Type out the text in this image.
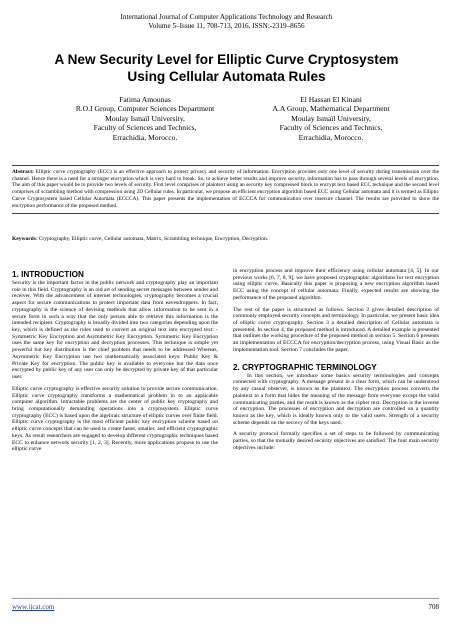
International Journal of Computer Applications Technology and Research
Volume 5–Issue 11, 708-713, 2016, ISSN:-2319–8656
A New Security Level for Elliptic Curve Cryptosystem
Using Cellular Automata Rules
Fatima Amounas
R.O.I Group, Computer Sciences Department
Moulay Ismaïl University,
Faculty of Sciences and Technics,
Errachidia, Morocco.
El Hassan El Kinani
A.A Group, Mathematical Department
Moulay Ismaïl University,
Faculty of Sciences and Technics,
Errachidia, Morocco.
Abstract: Elliptic curve cryptography (ECC) is an effective approach to protect privacy and security of information. Encryption provides only one level of security during transmission over the channel. Hence there is a need for a stronger encryption which is very hard to break. So, to achieve better results and improve security, information has to pass through several levels of encryption. The aim of this paper would be to provide two levels of security. First level comprises of plaintext using an security key compressed block to encrypt text based ECC technique and the second level comprises of scrambling method with compression using 2D Cellular rules. In particular, we propose an efficient encryption algorithm based ECC using Cellular automata and it is termed as Elliptic Curve Cryptosystem based Cellular Automata (ECCCA). This paper presents the implementation of ECCCA for communication over insecure channel. The results are provided to show the encryption performance of the proposed method.
Keywords: Cryptography, Elliptic curve, Cellular automata, Matrix, Scrambling technique, Encryption, Decryption.
1. INTRODUCTION

Security is the important factor in the public network and cryptography play an important role in this field. Cryptography is an old art of sending secret messages between sender and receiver. With the advancement of internet technologies, cryptography becomes a crucial aspect for secure communications to protect important data from eavesdroppers. In fact, cryptography is the science of devising methods that allow information to be sent in a secure form in such a way that the only person able to retrieve this information is the intended recipient. Cryptography is broadly divided into two categories depending upon the key, which is defined as the rules used to convert an original text into encrypted text: - Symmetric Key Encryption and Asymmetric Key Encryption. Symmetric Key Encryption uses the same key for encryption and decryption processes. This technique is simple yet powerful but key distribution is the chief problem that needs to be addressed Whereas, Asymmetric Key Encryption use two mathematically associated keys: Public Key & Private Key for encryption. The public key is available to everyone but the data once encrypted by public key of any user can only be decrypted by private key of that particular user.

Elliptic curve cryptography is effective security solution to provide secure communication. Elliptic curve cryptography transforms a mathematical problem in to an applicable computer algorithm. Intractable problems are the center of public key cryptography and bring computationally demanding operations into a cryptosystem. Elliptic curve cryptography (ECC) is based upon the algebraic structure of elliptic curves over finite field. Elliptic curve cryptography is the most efficient public key encryption scheme based on elliptic curve concepts that can be used to create faster, smaller, and efficient cryptographic keys. As result researchers are engaged to develop different cryptographic techniques based ECC to enhance network security [1, 2, 3]. Recently, more applications propose to use the elliptic curve

in encryption process and improve their efficiency using cellular automata [4, 5]. In our previous works [6, 7, 8, 9], we have proposed cryptographic algorithms for text encryption using elliptic curve. Basically this paper is proposing a new encryption algorithm based ECC using the concept of cellular automata. Finally, expected results are showing the performance of the proposed algorithm.

The rest of the paper is structured as follows. Section 2 gives detailed description of commonly employed security concepts and terminology. In particular, we present basic idea of elliptic curve cryptography. Section 3 a detailed description of Cellular automata is presented. In section 4, the proposed method is introduced. A detailed example is presented that outlines the working procedure of the proposed method in section 5. Section 6 presents an implementation of ECCCA for encryption/decryption process, using Visual Basic as the implementation tool. Section 7 concludes the paper.

2. CRYPTOGRAPHIC TERMINOLOGY

In this section, we introduce some basics security terminologies and concepts connected with cryptography. A message present in a clear form, which can be understood by any casual observer, is known as the plaintext. The encryption process converts the plaintext to a form that hides the meaning of the message from everyone except the valid communicating parties, and the result is known as the cipher text. Decryption is the inverse of encryption. The processes of encryption and decryption are controlled on a quantity known as the key, which is ideally known only to the valid users. Strength of a security scheme depends on the secrecy of the keys used.

A security protocol formally specifies a set of steps to be followed by communicating parties, so that the mutually desired security objectives are satisfied. The four main security objectives include:

www.ijcat.com	708
